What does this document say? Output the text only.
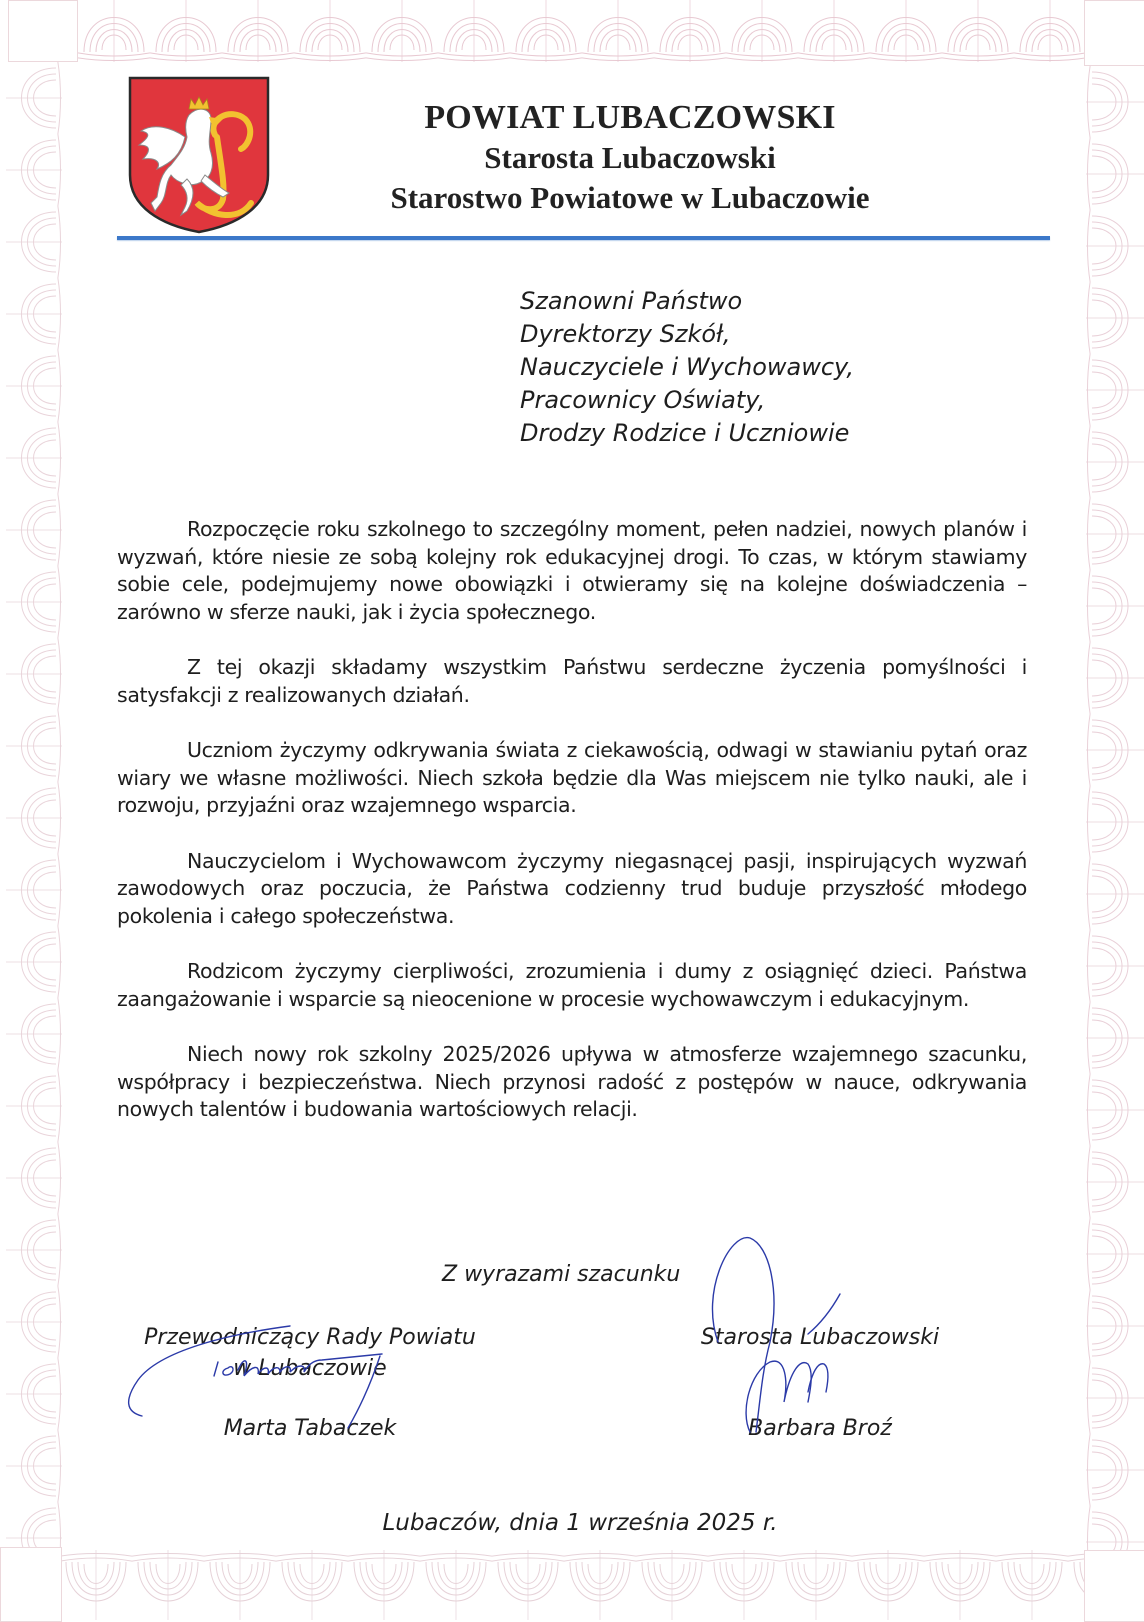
POWIAT LUBACZOWSKI
Starosta Lubaczowski
Starostwo Powiatowe w Lubaczowie
Szanowni Państwo
Dyrektorzy Szkół,
Nauczyciele i Wychowawcy,
Pracownicy Oświaty,
Drodzy Rodzice i Uczniowie

Rozpoczęcie roku szkolnego to szczególny moment, pełen nadziei, nowych planów i wyzwań, które niesie ze sobą kolejny rok edukacyjnej drogi. To czas, w którym stawiamy sobie cele, podejmujemy nowe obowiązki i otwieramy się na kolejne doświadczenia – zarówno w sferze nauki, jak i życia społecznego.

Z tej okazji składamy wszystkim Państwu serdeczne życzenia pomyślności i satysfakcji z realizowanych działań.

Uczniom życzymy odkrywania świata z ciekawością, odwagi w stawianiu pytań oraz wiary we własne możliwości. Niech szkoła będzie dla Was miejscem nie tylko nauki, ale i rozwoju, przyjaźni oraz wzajemnego wsparcia.

Nauczycielom i Wychowawcom życzymy niegasnącej pasji, inspirujących wyzwań zawodowych oraz poczucia, że Państwa codzienny trud buduje przyszłość młodego pokolenia i całego społeczeństwa.

Rodzicom życzymy cierpliwości, zrozumienia i dumy z osiągnięć dzieci. Państwa zaangażowanie i wsparcie są nieocenione w procesie wychowawczym i edukacyjnym.

Niech nowy rok szkolny 2025/2026 upływa w atmosferze wzajemnego szacunku, współpracy i bezpieczeństwa. Niech przynosi radość z postępów w nauce, odkrywania nowych talentów i budowania wartościowych relacji.

Z wyrazami szacunku
Przewodniczący Rady Powiatu
w Lubaczowie
Marta Tabaczek
Starosta Lubaczowski
Barbara Broź
Lubaczów, dnia 1 września 2025 r.
